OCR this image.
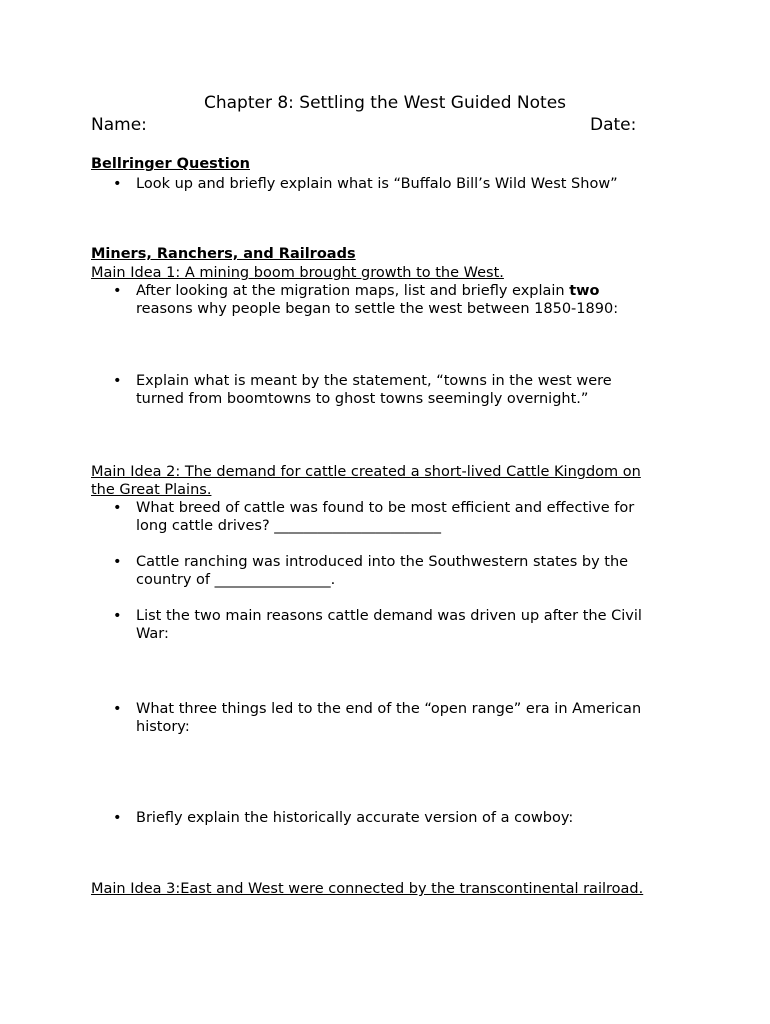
Chapter 8: Settling the West Guided Notes
Name:	Date:
Bellringer Question
• Look up and briefly explain what is “Buffalo Bill’s Wild West Show”
Miners, Ranchers, and Railroads
Main Idea 1: A mining boom brought growth to the West.
• After looking at the migration maps, list and briefly explain two
reasons why people began to settle the west between 1850-1890:
• Explain what is meant by the statement, “towns in the west were
turned from boomtowns to ghost towns seemingly overnight.”
Main Idea 2: The demand for cattle created a short-lived Cattle Kingdom on
the Great Plains.
• What breed of cattle was found to be most efficient and effective for
long cattle drives? _______________________
• Cattle ranching was introduced into the Southwestern states by the
country of ________________.
• List the two main reasons cattle demand was driven up after the Civil
War:
• What three things led to the end of the “open range” era in American
history:
• Briefly explain the historically accurate version of a cowboy:
Main Idea 3:East and West were connected by the transcontinental railroad.
